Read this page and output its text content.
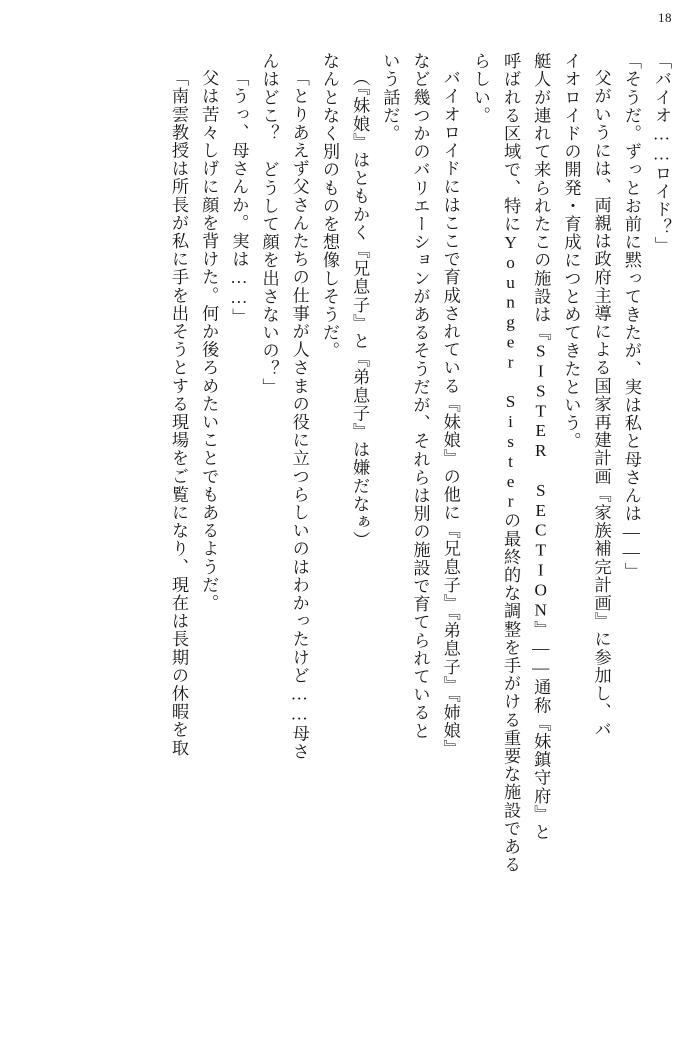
18
「バイオ……ロイド？」
「そうだ。ずっとお前に黙ってきたが、実は私と母さんは——」
父がいうには、両親は政府主導による国家再建計画『家族補完計画』に参加し、バ
イオロイドの開発・育成につとめてきたという。
艇人が連れて来られたこの施設は『SISTER SECTION』——通称『妹鎮守府』と
呼ばれる区域で、特にYounger Sisterの最終的な調整を手がける重要な施設である
らしい。
バイオロイドにはここで育成されている『妹娘』の他に『兄息子』『弟息子』『姉娘』
など幾つかのバリエーションがあるそうだが、それらは別の施設で育てられていると
いう話だ。
（『妹娘』はともかく『兄息子』と『弟息子』は嫌だなぁ）
なんとなく別のものを想像しそうだ。
「とりあえず父さんたちの仕事が人さまの役に立つらしいのはわかったけど……母さ
んはどこ？　どうして顔を出さないの？」
「うっ、母さんか。実は……」
父は苦々しげに顔を背けた。何か後ろめたいことでもあるようだ。
「南雲教授は所長が私に手を出そうとする現場をご覧になり、現在は長期の休暇を取
